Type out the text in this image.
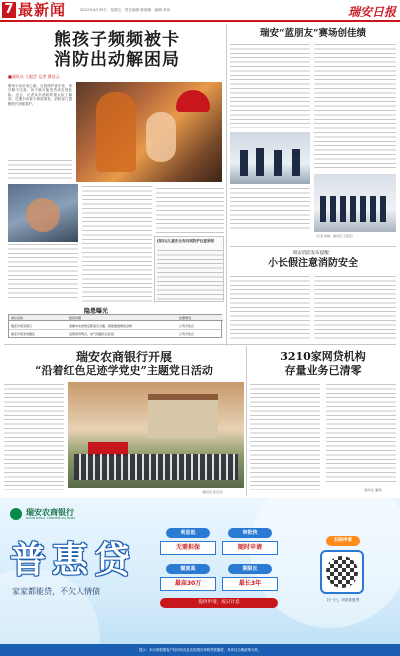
7 最新闻	2021年4月30日　星期五　责任编辑 陈瑞娜　编辑 李伟	瑞安日报
熊孩子频频被卡
消防出动解困局
■通讯员 王毅芸 记者 曹佳云
假家小孩好奇心重，自我保护意识差，家长稍不注意，孩子就可能受伤或出现危险。近日，记者从市消防救援大队了解到，近期小孩被卡事故频发，消防部门提醒家长加强看护。
[知识]儿童安全有四项防护注意须知
隐患曝光
单位名称	隐患问题	处理情况
瑞安市某某商行	商铺内未按规定配备灭火器，疏散通道堆放杂物	已责令改正
瑞安市某某电器店	违规使用明火，电气线路私拉乱接	已责令改正
瑞安“蓝朋友”赛场创佳绩
（记者 孙楠、通讯员 王毅芸）
瑞安消防发布提醒：
小长假注意消防安全
瑞安农商银行开展
“沿着红色足迹学党史”主题党日活动
（通讯员 陈丹丹）
3210家网贷机构
存量业务已清零
（新华社 潘清）
瑞安农商银行
RUIAN RURAL COMMERCIAL BANK
普惠贷
家家都能贷，不欠人情债
利息低
无需担保
审批快
随时申请
额度高
最高30万
期限长
最长3年
提供申请，按日计息	扫一扫，申请普惠贷
扫码申请
提示：本行将根据客户信用状况及实际情况审核贷款额度，具体以当期政策为准。
